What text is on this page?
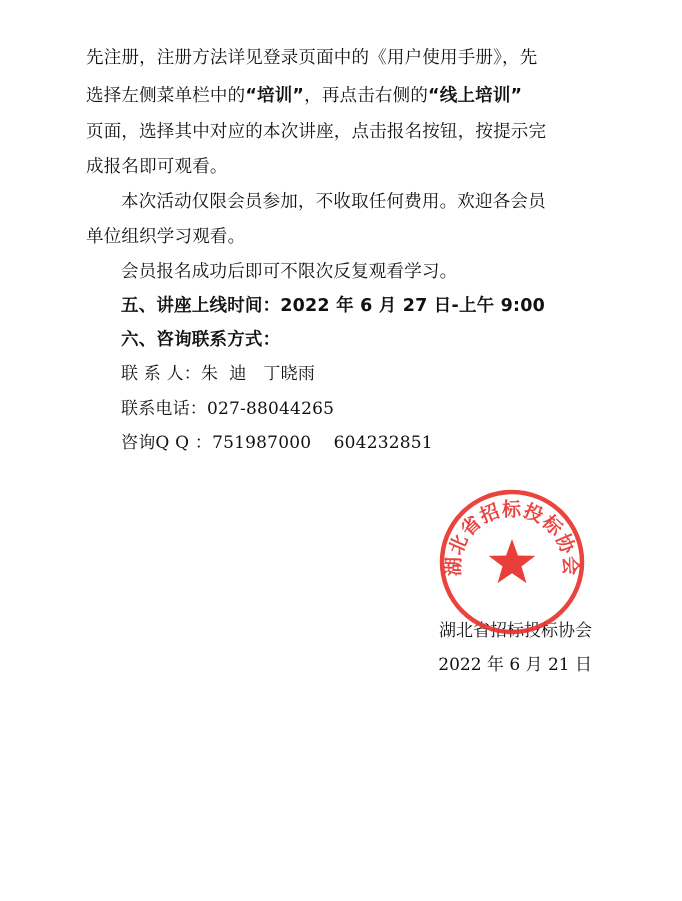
先注册，注册方法详见登录页面中的《用户使用手册》，先
选择左侧菜单栏中的“培训”，再点击右侧的“线上培训”
页面，选择其中对应的本次讲座，点击报名按钮，按提示完
成报名即可观看。
本次活动仅限会员参加，不收取任何费用。欢迎各会员
单位组织学习观看。
会员报名成功后即可不限次反复观看学习。
五、讲座上线时间：2022 年 6 月 27 日-上午 9:00
六、咨询联系方式：
联 系 人：朱  迪   丁晓雨
联系电话：027-88044265
咨询Q Q ：751987000    604232851
湖北省招标投标协会
2022 年 6 月 21 日
湖北省招标投标协会
